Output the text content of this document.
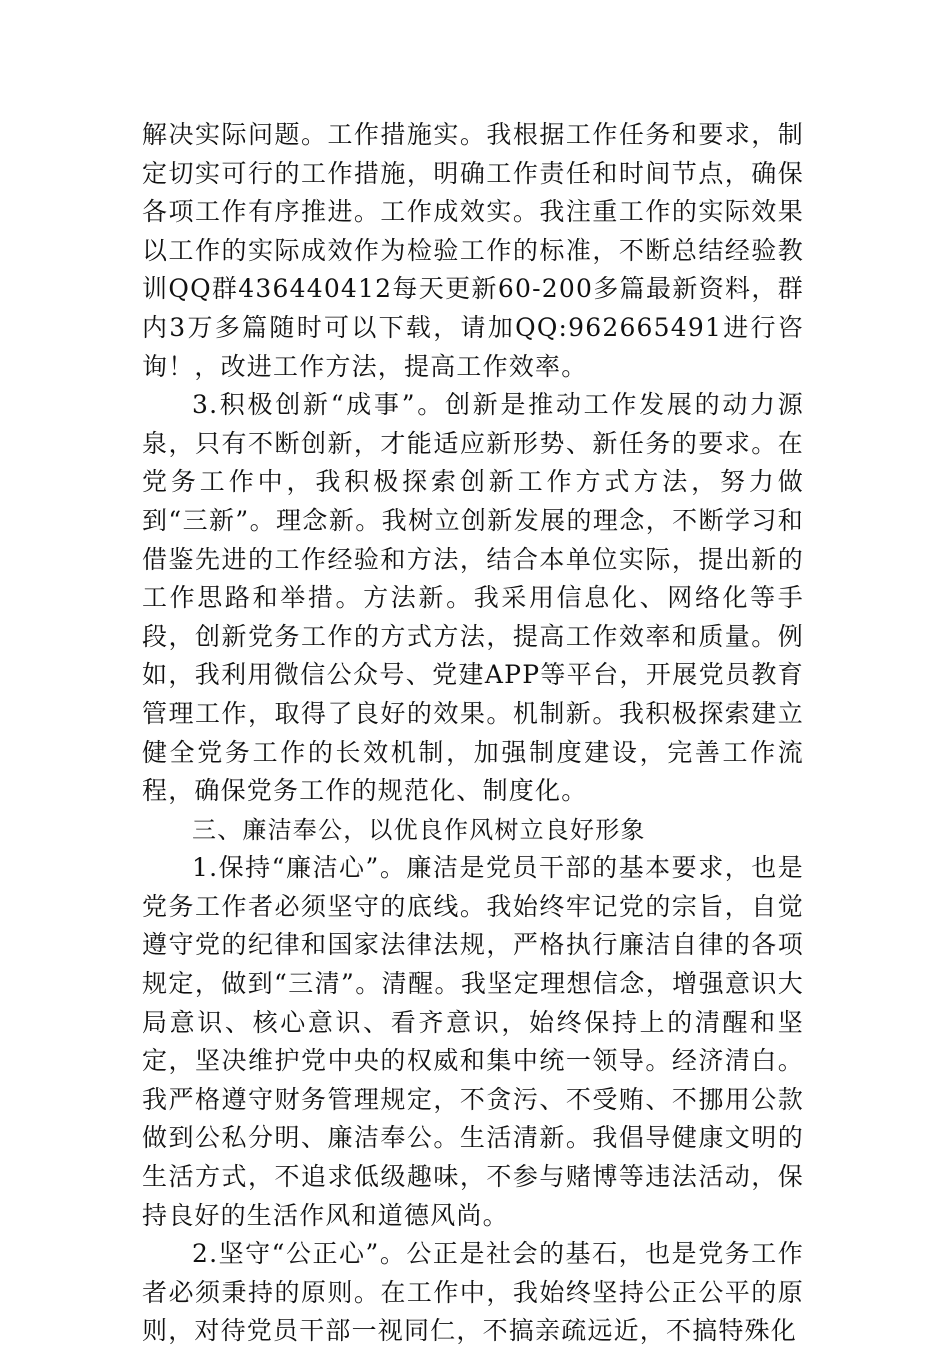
解决实际问题。工作措施实。我根据工作任务和要求，制定切实可行的工作措施，明确工作责任和时间节点，确保各项工作有序推进。工作成效实。我注重工作的实际效果以工作的实际成效作为检验工作的标准，不断总结经验教训QQ群436440412每天更新60-200多篇最新资料，群内3万多篇随时可以下载，请加QQ:962665491进行咨询！，改进工作方法，提高工作效率。

3.积极创新“成事”。创新是推动工作发展的动力源泉，只有不断创新，才能适应新形势、新任务的要求。在党务工作中，我积极探索创新工作方式方法，努力做到“三新”。理念新。我树立创新发展的理念，不断学习和借鉴先进的工作经验和方法，结合本单位实际，提出新的工作思路和举措。方法新。我采用信息化、网络化等手段，创新党务工作的方式方法，提高工作效率和质量。例如，我利用微信公众号、党建APP等平台，开展党员教育管理工作，取得了良好的效果。机制新。我积极探索建立健全党务工作的长效机制，加强制度建设，完善工作流程，确保党务工作的规范化、制度化。

三、廉洁奉公，以优良作风树立良好形象

1.保持“廉洁心”。廉洁是党员干部的基本要求，也是党务工作者必须坚守的底线。我始终牢记党的宗旨，自觉遵守党的纪律和国家法律法规，严格执行廉洁自律的各项规定，做到“三清”。清醒。我坚定理想信念，增强意识大局意识、核心意识、看齐意识，始终保持上的清醒和坚定，坚决维护党中央的权威和集中统一领导。经济清白。我严格遵守财务管理规定，不贪污、不受贿、不挪用公款做到公私分明、廉洁奉公。生活清新。我倡导健康文明的生活方式，不追求低级趣味，不参与赌博等违法活动，保持良好的生活作风和道德风尚。

2.坚守“公正心”。公正是社会的基石，也是党务工作者必须秉持的原则。在工作中，我始终坚持公正公平的原则，对待党员干部一视同仁，不搞亲疏远近，不搞特殊化
